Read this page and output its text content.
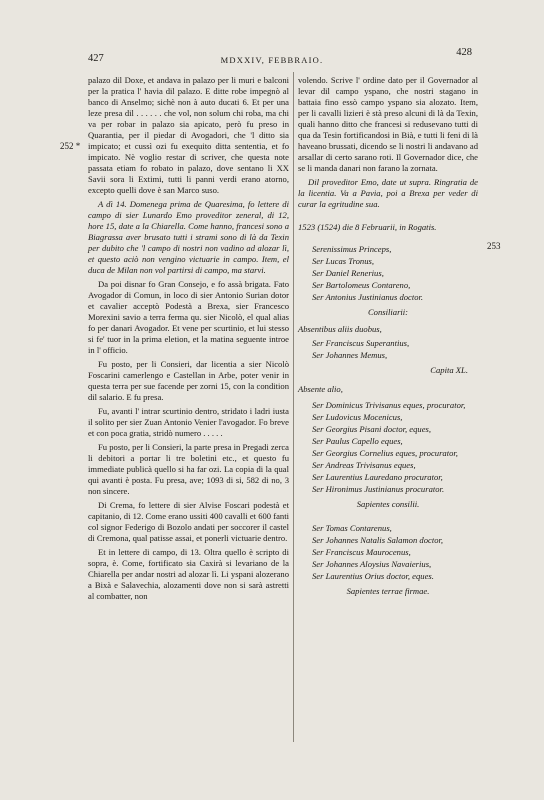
427	MDXXIV, FEBBRAIO.
428
252 *
253

palazo dil Doxe, et andava in palazo per li muri e balconi per la pratica l' havia dil palazo. E ditte robe impegnò al banco di Anselmo; sichè non à auto ducati 6. Et per una leze presa dil . . . . . . che vol, non solum chi roba, ma chi va per robar in palazo sia apicato, però fu preso in Quarantia, per il piedar di Avogadori, che 'l ditto sia impicato; et cussì ozi fu exequito ditta sententia, et fo impicato. Nè voglio restar di scriver, che questa note passata etiam fo robato in palazo, dove sentano li XX Savii sora li Extimi, tutti li panni verdi erano atorno, excepto quelli dove è san Marco suso.

A dì 14. Domenega prima de Quaresima, fo lettere di campo di sier Lunardo Emo proveditor zeneral, di 12, hore 15, date a la Chiarella. Come hanno, francesi sono a Biagrassa aver brusato tutti i strami sono di là da Texin per dubito che 'l campo di nostri non vadino ad alozar lì, et questo aciò non vengino victuarie in campo. Item, el duca de Milan non vol partirsi di campo, ma starvi.

Da poi disnar fo Gran Consejo, e fo assà brigata. Fato Avogador di Comun, in loco di sier Antonio Surian dotor et cavalier acceptò Podestà a Brexa, sier Francesco Morexini savio a terra ferma qu. sier Nicolò, el qual alias fo per danari Avogador. Et vene per scurtinio, et lui stesso si fe' tuor in la prima eletion, et la matina seguente introe in l' officio.

Fu posto, per li Consieri, dar licentia a sier Nicolò Foscarini camerlengo e Castellan in Arbe, poter venir in questa terra per sue facende per zorni 15, con la condition dil salario. E fu presa.

Fu, avanti l' intrar scurtinio dentro, stridato i ladri iusta il solito per sier Zuan Antonio Venier l'avogador. Fo breve et con poca gratia, stridò numero . . . . .

Fu posto, per li Consieri, la parte presa in Pregadi zerca li debitori a portar li tre boletini etc., et questo fu immediate publicà quello si ha far ozi. La copia di la qual qui avanti è posta. Fu presa, ave; 1093 di si, 582 di no, 3 non sincere.

Di Crema, fo lettere di sier Alvise Foscari podestà et capitanio, di 12. Come erano ussiti 400 cavalli et 600 fanti col signor Federigo di Bozolo andati per soccorer il castel di Cremona, qual patisse assai, et ponerli victuarie dentro.

Et in lettere di campo, di 13. Oltra quello è scripto di sopra, è. Come, fortificato sia Caxirà si levariano de la Chiarella per andar nostri ad alozar lì. Li yspani alozerano a Bixà e Salavechia, alozamenti dove non si sarà astretti al combatter, non

volendo. Scrive l' ordine dato per il Governador al levar dil campo yspano, che nostri stagano in battaia fino essò campo yspano sia alozato. Item, per li cavalli lizieri è stà preso alcuni di là da Texin, quali hanno ditto che francesi si redusevano tutti di qua da Tesin fortificandosi in Bià, e tutti li feni di là haveano brussati, dicendo se li nostri li andavano ad arsallar di certo sarano roti. Il Governador dice, che se li manda danari non farano la zornata.

Dil proveditor Emo, date ut supra. Ringratia de la licentia. Va a Pavia, poi a Brexa per veder di curar la egritudine sua.

1523 (1524) die 8 Februarii, in Rogatis.

Serenissimus Princeps,
Ser Lucas Tronus,
Ser Daniel Renerius,
Ser Bartolomeus Contareno,
Ser Antonius Justinianus doctor.
Consiliarii:
Absentibus aliis duobus,
Ser Franciscus Superantius,
Ser Johannes Memus,
Capita XL.
Absente alio,
Ser Dominicus Trivisanus eques, procurator,
Ser Ludovicus Mocenicus,
Ser Georgius Pisani doctor, eques,
Ser Paulus Capello eques,
Ser Georgius Cornelius eques, procurator,
Ser Andreas Trivisanus eques,
Ser Laurentius Lauredano procurator,
Ser Hironimus Justinianus procurator.
Sapientes consilii.
Ser Tomas Contarenus,
Ser Johannes Natalis Salamon doctor,
Ser Franciscus Maurocenus,
Ser Johannes Aloysius Navaierius,
Ser Laurentius Orius doctor, eques.
Sapientes terrae firmae.
